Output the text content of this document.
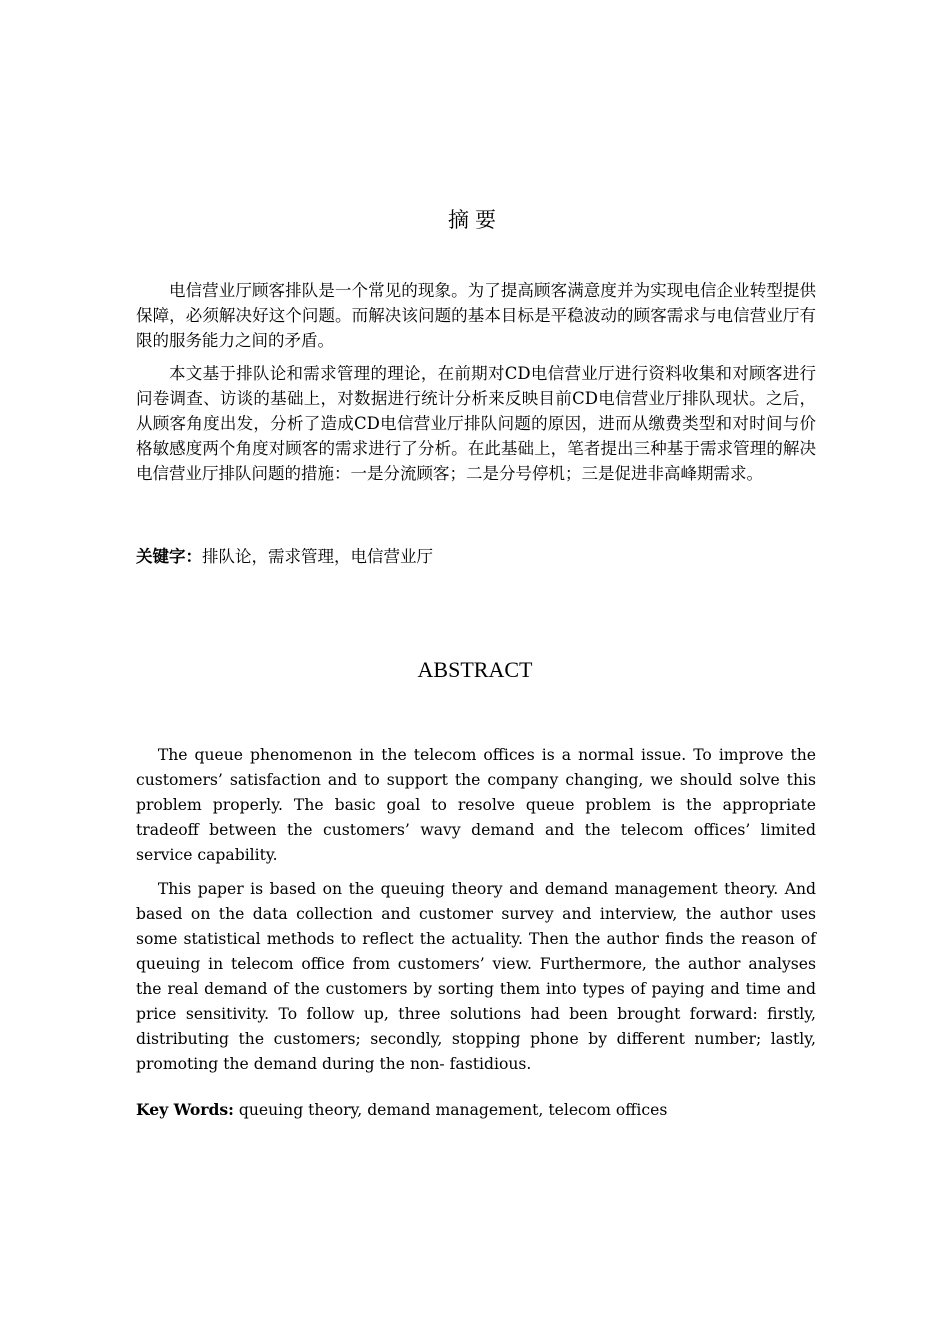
摘要

电信营业厅顾客排队是一个常见的现象。为了提高顾客满意度并为实现电信企业转型提供保障，必须解决好这个问题。而解决该问题的基本目标是平稳波动的顾客需求与电信营业厅有限的服务能力之间的矛盾。

本文基于排队论和需求管理的理论，在前期对CD电信营业厅进行资料收集和对顾客进行问卷调查、访谈的基础上，对数据进行统计分析来反映目前CD电信营业厅排队现状。之后，从顾客角度出发，分析了造成CD电信营业厅排队问题的原因，进而从缴费类型和对时间与价格敏感度两个角度对顾客的需求进行了分析。在此基础上，笔者提出三种基于需求管理的解决电信营业厅排队问题的措施：一是分流顾客；二是分号停机；三是促进非高峰期需求。

关键字：排队论，需求管理，电信营业厅
ABSTRACT

The queue phenomenon in the telecom offices is a normal issue. To improve the customers’ satisfaction and to support the company changing, we should solve this problem properly. The basic goal to resolve queue problem is the appropriate tradeoff between the customers’ wavy demand and the telecom offices’ limited service capability.

This paper is based on the queuing theory and demand management theory. And based on the data collection and customer survey and interview, the author uses some statistical methods to reflect the actuality. Then the author finds the reason of queuing in telecom office from customers’ view. Furthermore, the author analyses the real demand of the customers by sorting them into types of paying and time and price sensitivity. To follow up, three solutions had been brought forward: firstly, distributing the customers; secondly, stopping phone by different number; lastly, promoting the demand during the non- fastidious.

Key Words: queuing theory, demand management, telecom offices
